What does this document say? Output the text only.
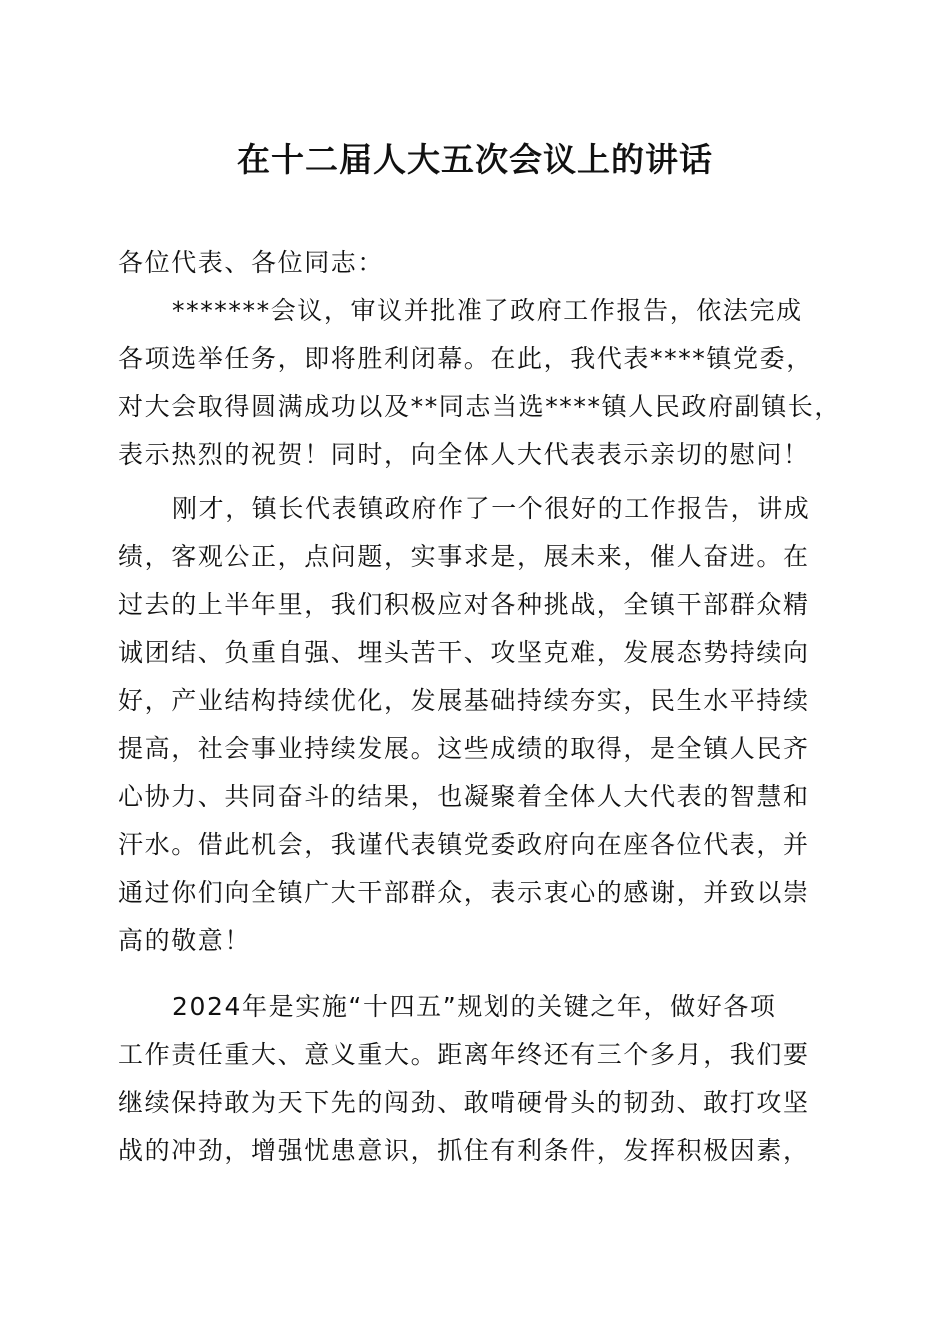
在十二届人大五次会议上的讲话
各位代表、各位同志：
*******会议，审议并批准了政府工作报告，依法完成
各项选举任务，即将胜利闭幕。在此，我代表****镇党委，
对大会取得圆满成功以及**同志当选****镇人民政府副镇长，
表示热烈的祝贺！同时，向全体人大代表表示亲切的慰问！
刚才，镇长代表镇政府作了一个很好的工作报告，讲成
绩，客观公正，点问题，实事求是，展未来，催人奋进。在
过去的上半年里，我们积极应对各种挑战，全镇干部群众精
诚团结、负重自强、埋头苦干、攻坚克难，发展态势持续向
好，产业结构持续优化，发展基础持续夯实，民生水平持续
提高，社会事业持续发展。这些成绩的取得，是全镇人民齐
心协力、共同奋斗的结果，也凝聚着全体人大代表的智慧和
汗水。借此机会，我谨代表镇党委政府向在座各位代表，并
通过你们向全镇广大干部群众，表示衷心的感谢，并致以崇
高的敬意！
2024年是实施“十四五”规划的关键之年，做好各项
工作责任重大、意义重大。距离年终还有三个多月，我们要
继续保持敢为天下先的闯劲、敢啃硬骨头的韧劲、敢打攻坚
战的冲劲，增强忧患意识，抓住有利条件，发挥积极因素，
